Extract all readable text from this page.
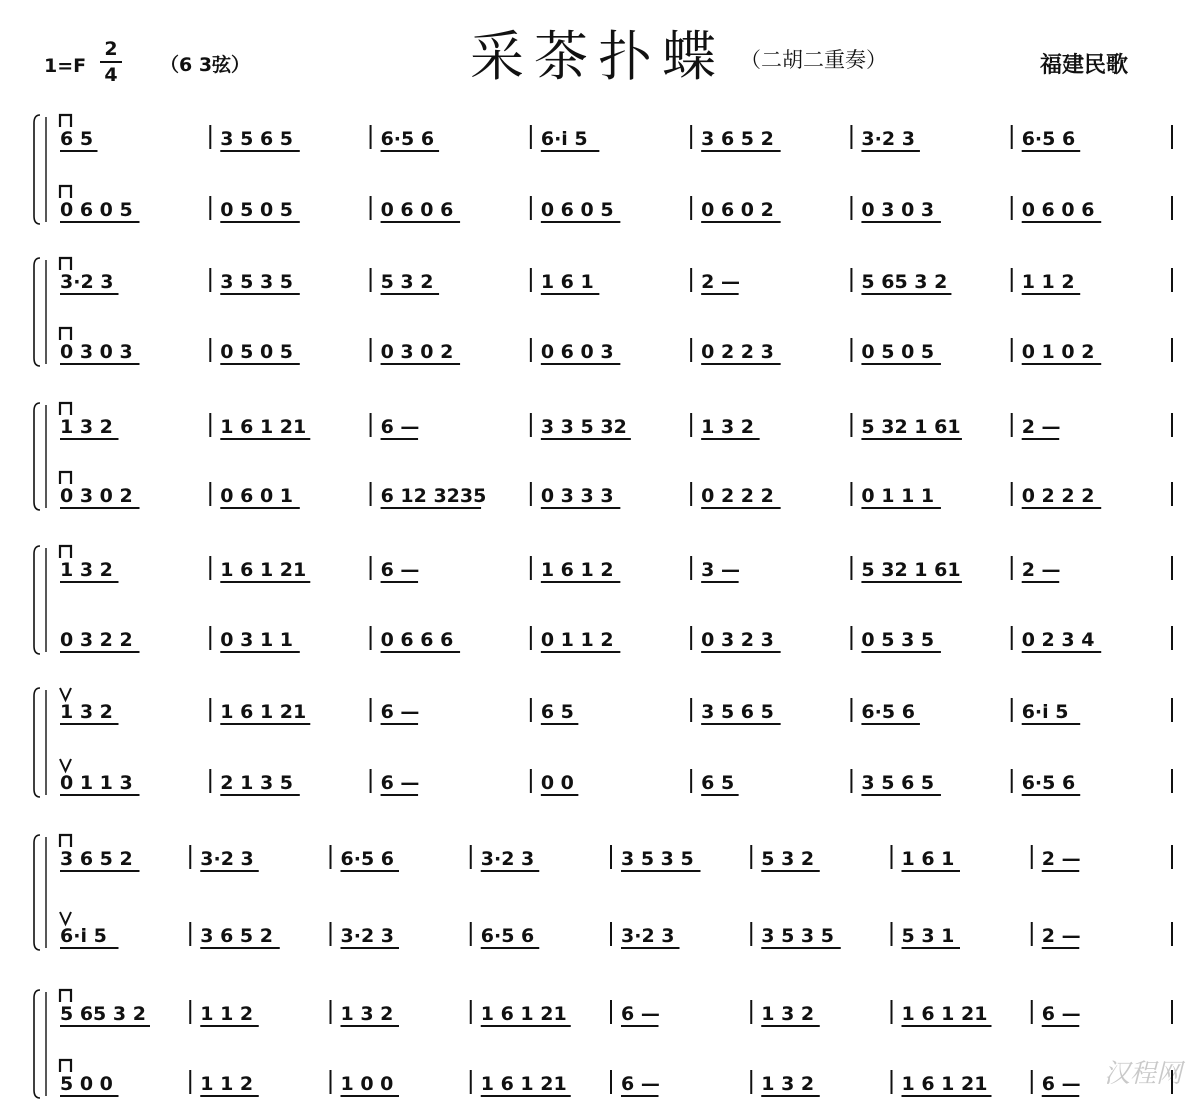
1=F
2
4 （6 3弦）	采茶扑蝶 （二胡二重奏）	福建民歌
汉程网
6 5	3 5 6 5	6·5 6	6·i 5	3 6 5 2	3·2 3	6·5 6
0 6 0 5	0 5 0 5	0 6 0 6	0 6 0 5	0 6 0 2	0 3 0 3	0 6 0 6
3·2 3	3 5 3 5	5 3 2	1 6 1	2 —	5 65 3 2	1 1 2
0 3 0 3	0 5 0 5	0 3 0 2	0 6 0 3	0 2 2 3	0 5 0 5	0 1 0 2
1 3 2	1 6 1 21	6 —	3 3 5 32	1 3 2	5 32 1 61	2 —
0 3 0 2	0 6 0 1	6 12 3235	0 3 3 3	0 2 2 2	0 1 1 1	0 2 2 2
1 3 2	1 6 1 21	6 —	1 6 1 2	3 —	5 32 1 61	2 —
0 3 2 2	0 3 1 1	0 6 6 6	0 1 1 2	0 3 2 3	0 5 3 5	0 2 3 4
1 3 2	1 6 1 21	6 —	6 5	3 5 6 5	6·5 6	6·i 5
0 1 1 3	2 1 3 5	6 —	0 0	6 5	3 5 6 5	6·5 6
3 6 5 2	3·2 3	6·5 6	3·2 3	3 5 3 5	5 3 2	1 6 1	2 —
6·i 5	3 6 5 2	3·2 3	6·5 6	3·2 3	3 5 3 5	5 3 1	2 —
5 65 3 2	1 1 2	1 3 2	1 6 1 21	6 —	1 3 2	1 6 1 21	6 —
5 0 0	1 1 2	1 0 0	1 6 1 21	6 —	1 3 2	1 6 1 21	6 —
